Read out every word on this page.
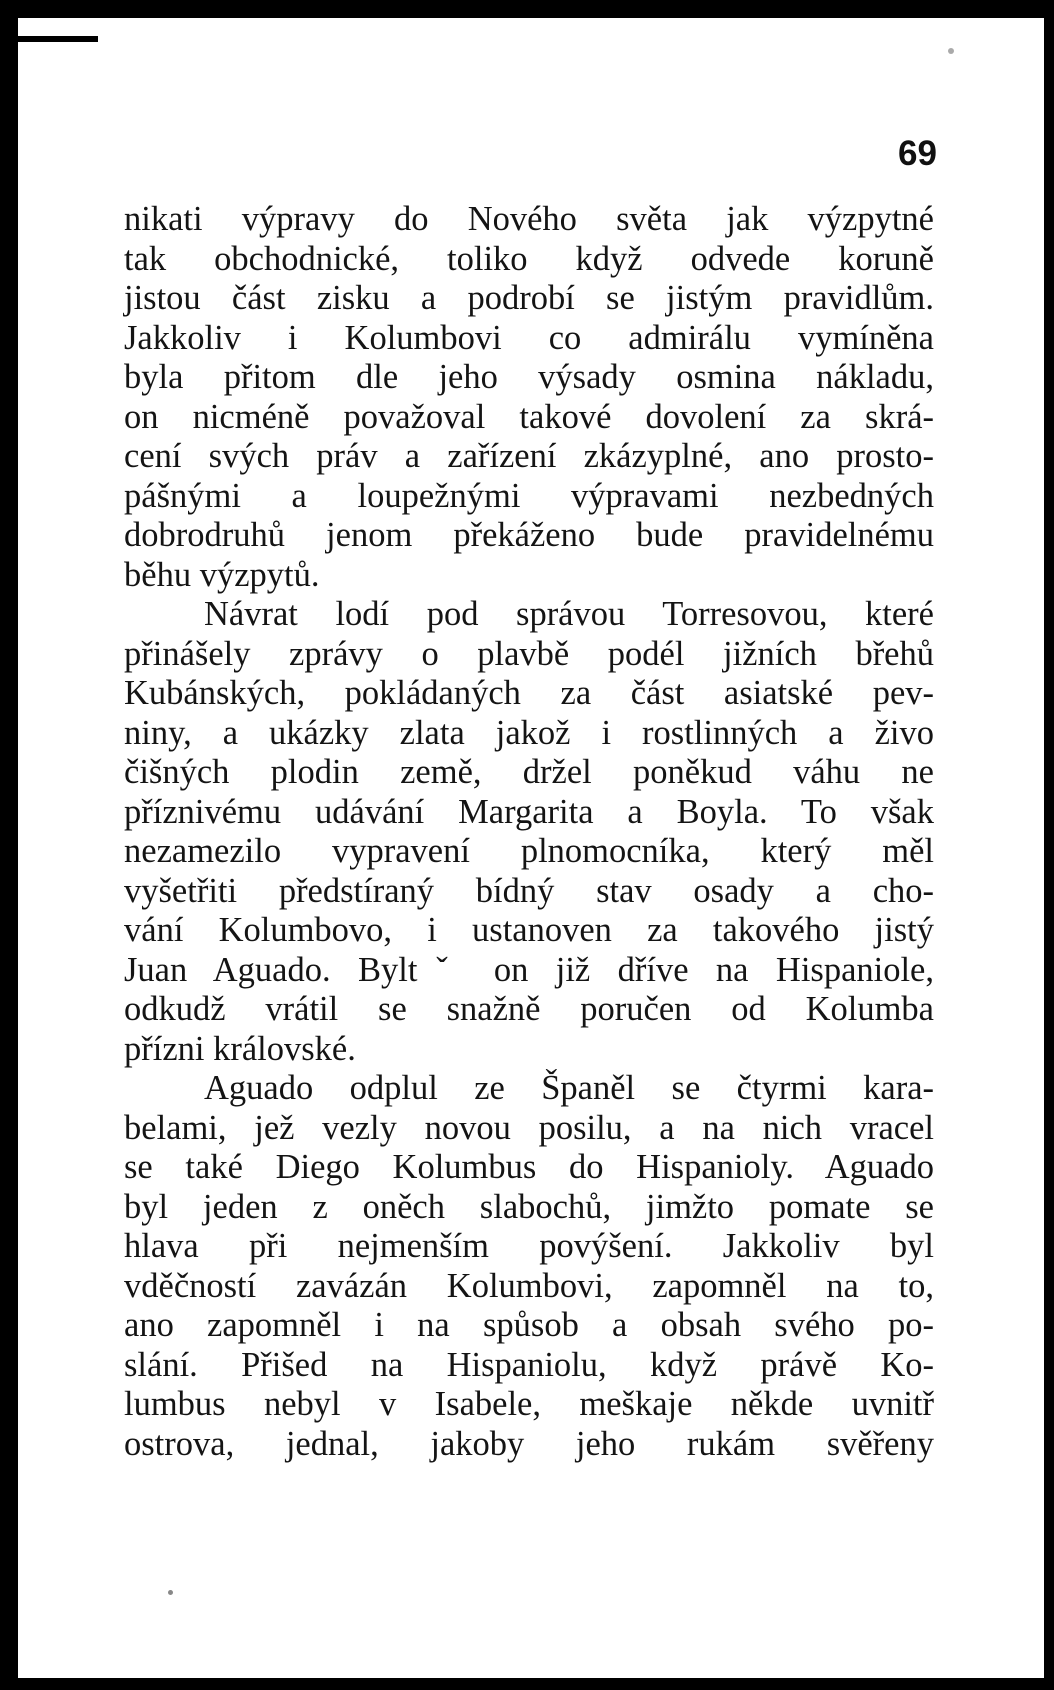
69
nikati výpravy do Nového světa jak výzpytné
tak obchodnické, toliko když odvede koruně
jistou část zisku a podrobí se jistým pravidlům.
Jakkoliv i Kolumbovi co admirálu vymíněna
byla přitom dle jeho výsady osmina nákladu,
on nicméně považoval takové dovolení za skrá-
cení svých práv a zařízení zkázyplné, ano prosto-
pášnými a loupežnými výpravami nezbedných
dobrodruhů jenom překáženo bude pravidelnému
běhu výzpytů.
Návrat lodí pod správou Torresovou, které
přinášely zprávy o plavbě podél jižních břehů
Kubánských, pokládaných za část asiatské pev-
niny, a ukázky zlata jakož i rostlinných a živo
čišných plodin země, držel poněkud váhu ne
příznivému udávání Margarita a Boyla. To však
nezamezilo vypravení plnomocníka, který měl
vyšetřiti předstíraný bídný stav osady a cho-
vání Kolumbovo, i ustanoven za takového jistý
Juan Aguado. Byltˇ on již dříve na Hispaniole,
odkudž vrátil se snažně poručen od Kolumba
přízni královské.
Aguado odplul ze Španěl se čtyrmi kara-
belami, jež vezly novou posilu, a na nich vracel
se také Diego Kolumbus do Hispanioly. Aguado
byl jeden z oněch slabochů, jimžto pomate se
hlava při nejmenším povýšení. Jakkoliv byl
vděčností zavázán Kolumbovi, zapomněl na to,
ano zapomněl i na spůsob a obsah svého po-
slání. Přišed na Hispaniolu, když právě Ko-
lumbus nebyl v Isabele, meškaje někde uvnitř
ostrova, jednal, jakoby jeho rukám svěřeny
